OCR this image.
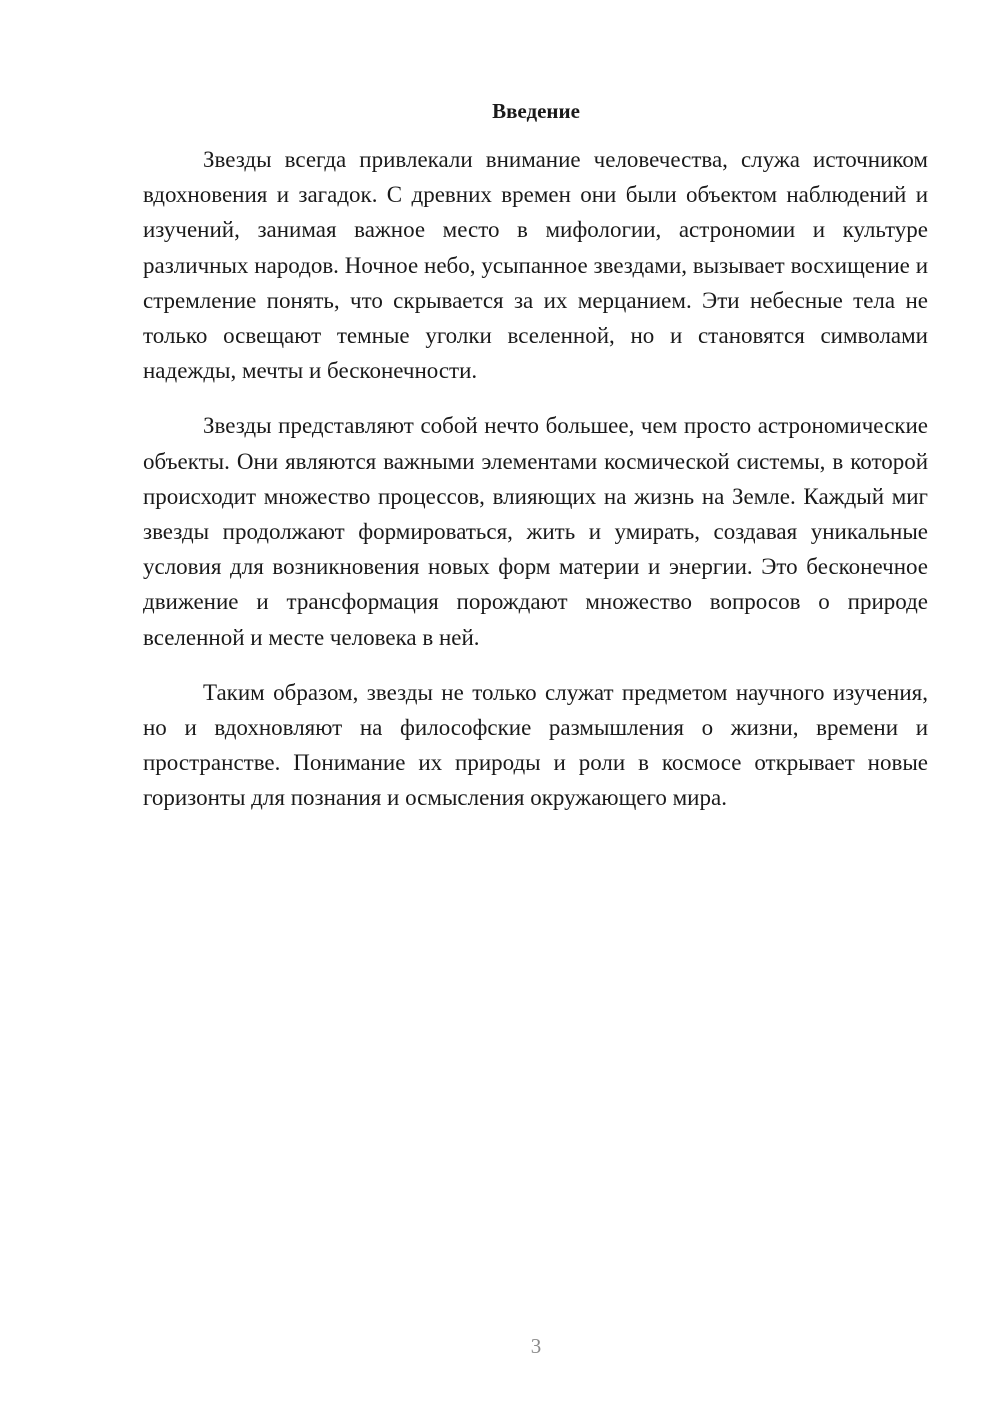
Введение

Звезды всегда привлекали внимание человечества, служа источником вдохновения и загадок. С древних времен они были объектом наблюдений и изучений, занимая важное место в мифологии, астрономии и культуре различных народов. Ночное небо, усыпанное звездами, вызывает восхищение и стремление понять, что скрывается за их мерцанием. Эти небесные тела не только освещают темные уголки вселенной, но и становятся символами надежды, мечты и бесконечности.

Звезды представляют собой нечто большее, чем просто астрономические объекты. Они являются важными элементами космической системы, в которой происходит множество процессов, влияющих на жизнь на Земле. Каждый миг звезды продолжают формироваться, жить и умирать, создавая уникальные условия для возникновения новых форм материи и энергии. Это бесконечное движение и трансформация порождают множество вопросов о природе вселенной и месте человека в ней.

Таким образом, звезды не только служат предметом научного изучения, но и вдохновляют на философские размышления о жизни, времени и пространстве. Понимание их природы и роли в космосе открывает новые горизонты для познания и осмысления окружающего мира.

3
